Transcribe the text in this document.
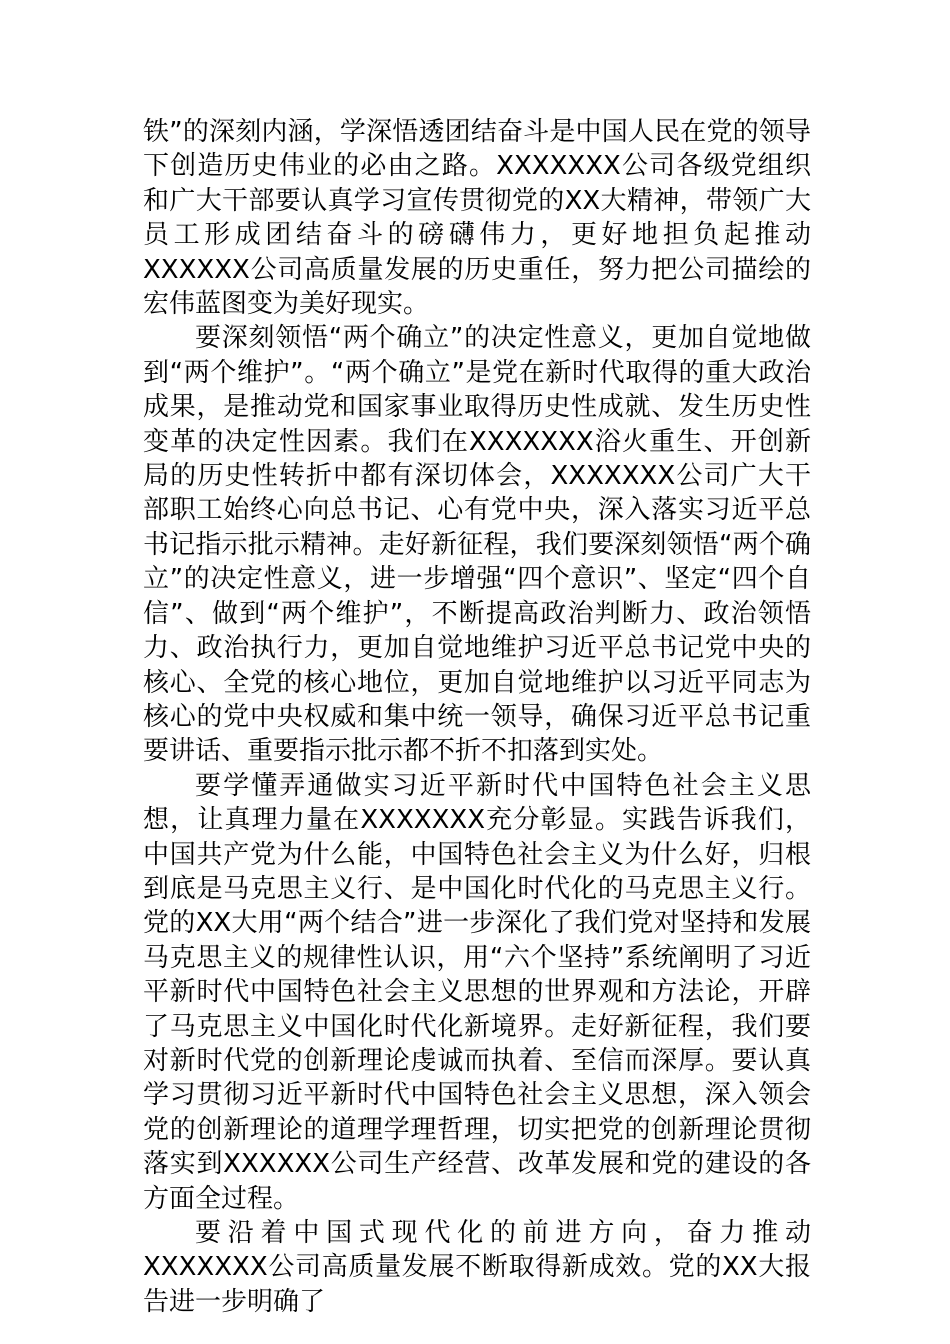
铁”的深刻内涵，学深悟透团结奋斗是中国人民在党的领导下创造历史伟业的必由之路。XXXXXXX公司各级党组织和广大干部要认真学习宣传贯彻党的XX大精神，带领广大员工形成团结奋斗的磅礴伟力，更好地担负起推动XXXXXX公司高质量发展的历史重任，努力把公司描绘的宏伟蓝图变为美好现实。

要深刻领悟“两个确立”的决定性意义，更加自觉地做到“两个维护”。“两个确立”是党在新时代取得的重大政治成果，是推动党和国家事业取得历史性成就、发生历史性变革的决定性因素。我们在XXXXXXX浴火重生、开创新局的历史性转折中都有深切体会，XXXXXXX公司广大干部职工始终心向总书记、心有党中央，深入落实习近平总书记指示批示精神。走好新征程，我们要深刻领悟“两个确立”的决定性意义，进一步增强“四个意识”、坚定“四个自信”、做到“两个维护”，不断提高政治判断力、政治领悟力、政治执行力，更加自觉地维护习近平总书记党中央的核心、全党的核心地位，更加自觉地维护以习近平同志为核心的党中央权威和集中统一领导，确保习近平总书记重要讲话、重要指示批示都不折不扣落到实处。

要学懂弄通做实习近平新时代中国特色社会主义思想，让真理力量在XXXXXXX充分彰显。实践告诉我们，中国共产党为什么能，中国特色社会主义为什么好，归根到底是马克思主义行、是中国化时代化的马克思主义行。党的XX大用“两个结合”进一步深化了我们党对坚持和发展马克思主义的规律性认识，用“六个坚持”系统阐明了习近平新时代中国特色社会主义思想的世界观和方法论，开辟了马克思主义中国化时代化新境界。走好新征程，我们要对新时代党的创新理论虔诚而执着、至信而深厚。要认真学习贯彻习近平新时代中国特色社会主义思想，深入领会党的创新理论的道理学理哲理，切实把党的创新理论贯彻落实到XXXXXX公司生产经营、改革发展和党的建设的各方面全过程。

要沿着中国式现代化的前进方向，奋力推动XXXXXXX公司高质量发展不断取得新成效。党的XX大报告进一步明确了
